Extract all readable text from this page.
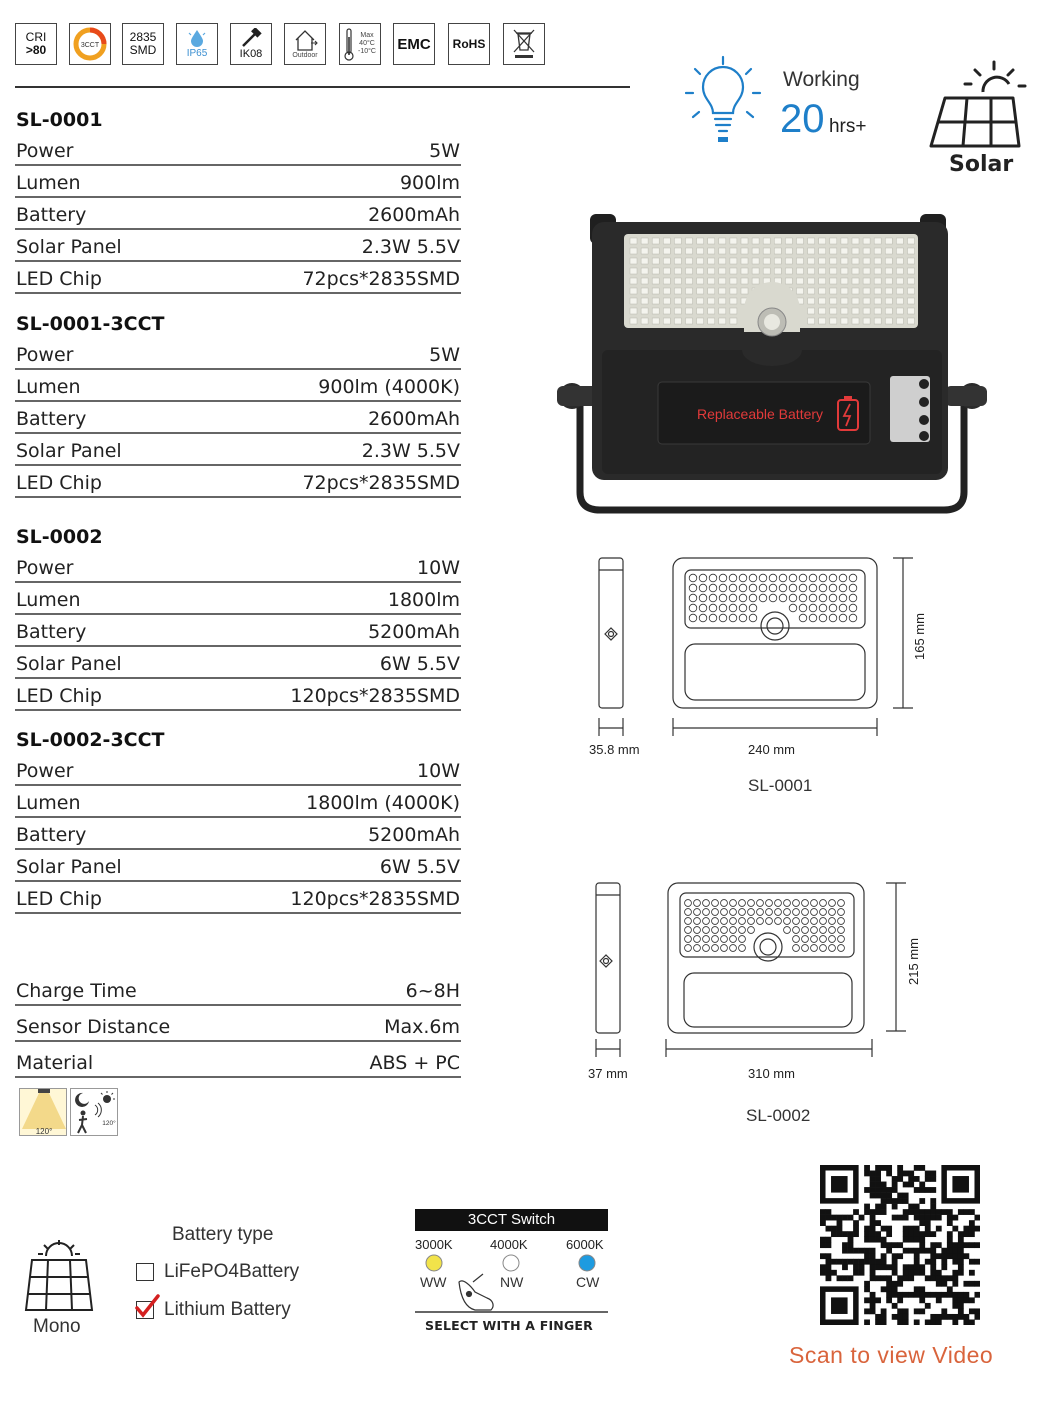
CRI
>80	3CCT
2835
SMD	IP65	IK08	Outdoor
Max
40°C
-10°C EMC RoHS
SL-0001
Power	5W
Lumen	900lm
Battery	2600mAh
Solar Panel	2.3W 5.5V
LED Chip	72pcs*2835SMD
SL-0001-3CCT
Power	5W
Lumen	900lm (4000K)
Battery	2600mAh
Solar Panel	2.3W 5.5V
LED Chip	72pcs*2835SMD
SL-0002
Power	10W
Lumen	1800lm
Battery	5200mAh
Solar Panel	6W 5.5V
LED Chip	120pcs*2835SMD
SL-0002-3CCT
Power	10W
Lumen	1800lm (4000K)
Battery	5200mAh
Solar Panel	6W 5.5V
LED Chip	120pcs*2835SMD
Charge Time	6~8H
Sensor Distance	Max.6m
Material	ABS + PC
120°
120°
Working
20 hrs+
Solar
Replaceable Battery
35.8 mm	240 mm
165 mm
SL-0001
37 mm	310 mm
215 mm
SL-0002
Mono
Battery type
LiFePO4Battery
Lithium Battery
3CCT Switch
3000K	4000K	6000K
WW	NW	CW
SELECT WITH A FINGER
Scan to view Video
